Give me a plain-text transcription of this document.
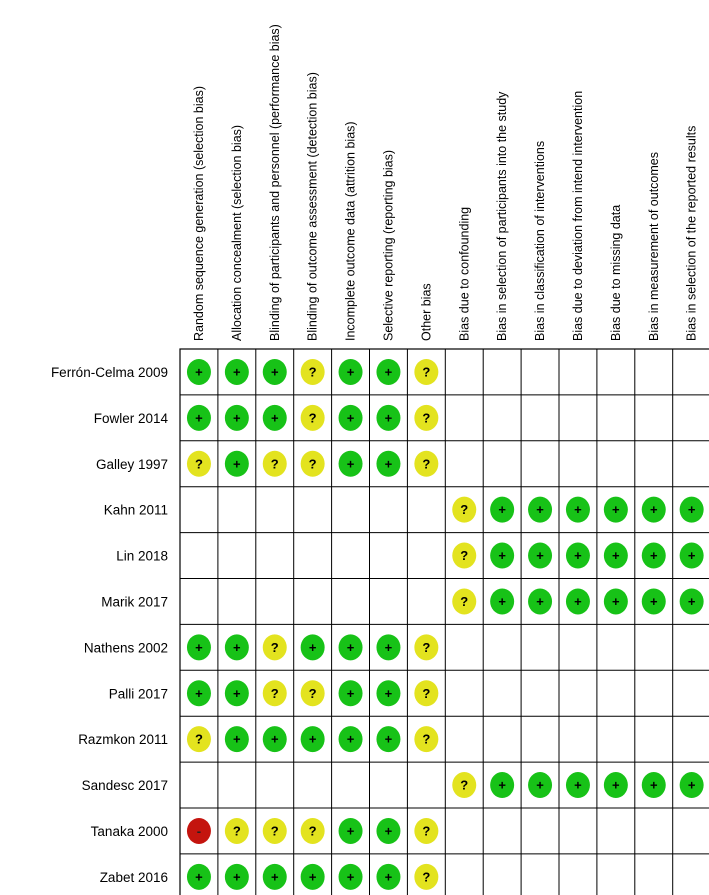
Random sequence generation (selection bias) Allocation concealment (selection bias) Blinding of participants and personnel (performance bias) Blinding of outcome assessment (detection bias) Incomplete outcome data (attrition bias) Selective reporting (reporting bias) Other bias Bias due to confounding Bias in selection of participants into the study Bias in classification of interventions Bias due to deviation from intend intervention Bias due to missing data Bias in measurement of outcomes Bias in selection of the reported results
Ferrón-Celma 2009
Fowler 2014
Galley 1997
Kahn 2011
Lin 2018
Marik 2017
Nathens 2002
Palli 2017
Razmkon 2011
Sandesc 2017
Tanaka 2000
Zabet 2016
+ + + ? + + ?
+ + + ? + + ?
? + ? ? + + ?
? + + + + + +
? + + + + + +
? + + + + + +
+ + ? + + + ?
+ + ? ? + + ?
? + + + + + ?
? + + + + + +
- ? ? ? + + ?
+ + + + + + ?
